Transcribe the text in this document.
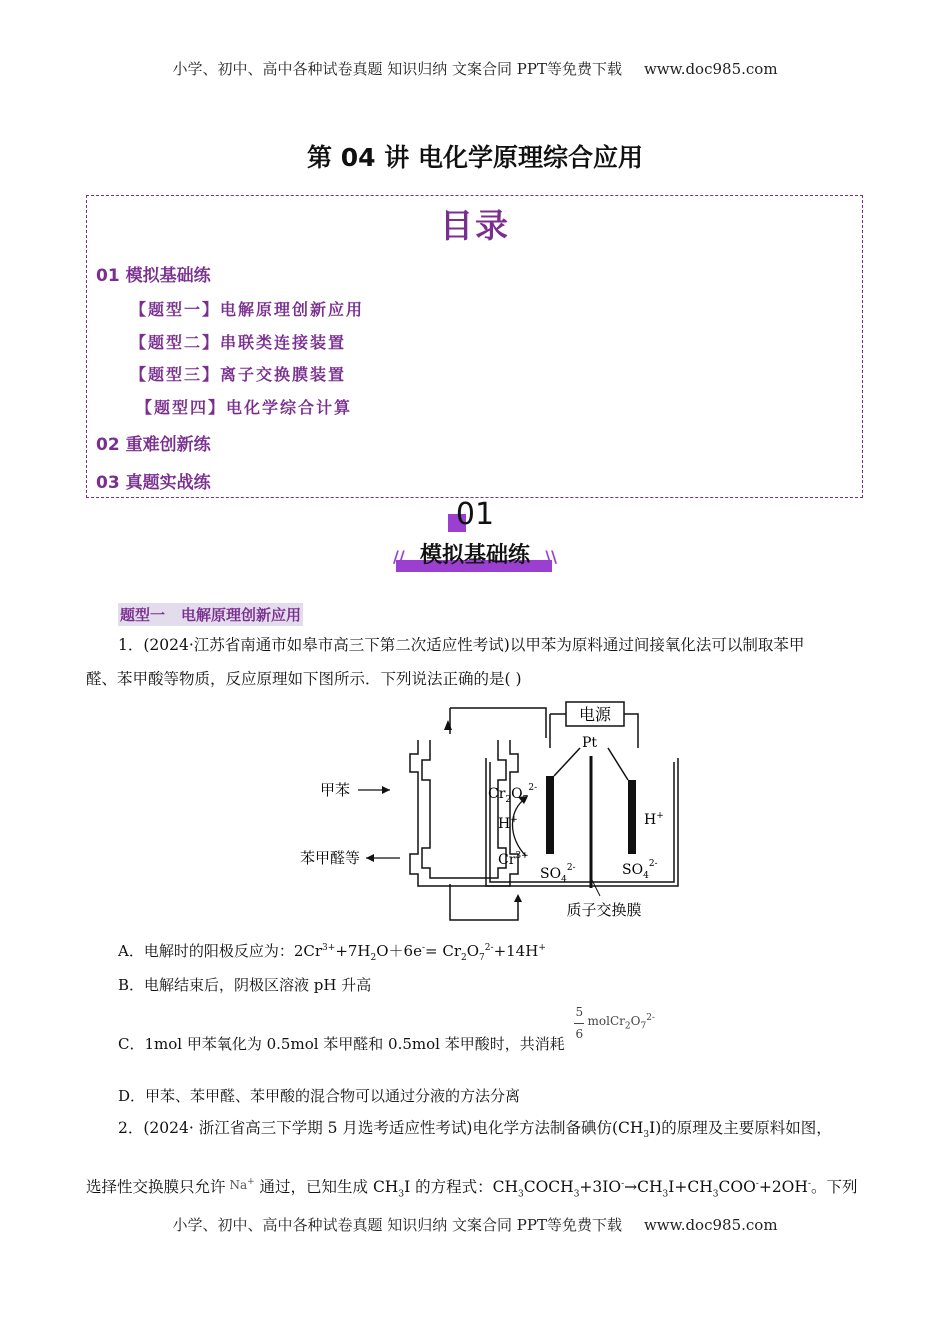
小学、初中、高中各种试卷真题 知识归纳 文案合同 PPT等免费下载 www.doc985.com
第 04 讲 电化学原理综合应用
目录
01 模拟基础练
【题型一】电解原理创新应用
【题型二】串联类连接装置
【题型三】离子交换膜装置
【题型四】电化学综合计算
02 重难创新练
03 真题实战练
01
// 模拟基础练 \\
题型一 电解原理创新应用
1．(2024·江苏省南通市如皋市高三下第二次适应性考试)以甲苯为原料通过间接氧化法可以制取苯甲
醛、苯甲酸等物质，反应原理如下图所示．下列说法正确的是( )
电源
Pt
甲苯
苯甲醛等
质子交换膜
$Cr_2O_7^{2-}$
H+
$Cr^{3+}$
$SO_4^{2-}$
H+
$SO_4^{2-}$
A．电解时的阳极反应为：$2Cr^{3+}+7H_2O+6e^-= Cr_2O_7^{2-}+14H^+$
B．电解结束后，阴极区溶液 pH 升高
C．1mol 甲苯氧化为 0.5mol 苯甲醛和 0.5mol 苯甲酸时，共消耗
5
6
$molCr_2O_7^{2-}$
D．甲苯、苯甲醛、苯甲酸的混合物可以通过分液的方法分离
2．(2024· 浙江省高三下学期 5 月选考适应性考试)电化学方法制备碘仿$(CH_3I)$的原理及主要原料如图，
选择性交换膜只允许 Na+ 通过，已知生成 $CH_3I$ 的方程式：$CH_3COCH_3+3IO^-\to CH_3I+CH_3COO^-+2OH^-$。下列
小学、初中、高中各种试卷真题 知识归纳 文案合同 PPT等免费下载 www.doc985.com
